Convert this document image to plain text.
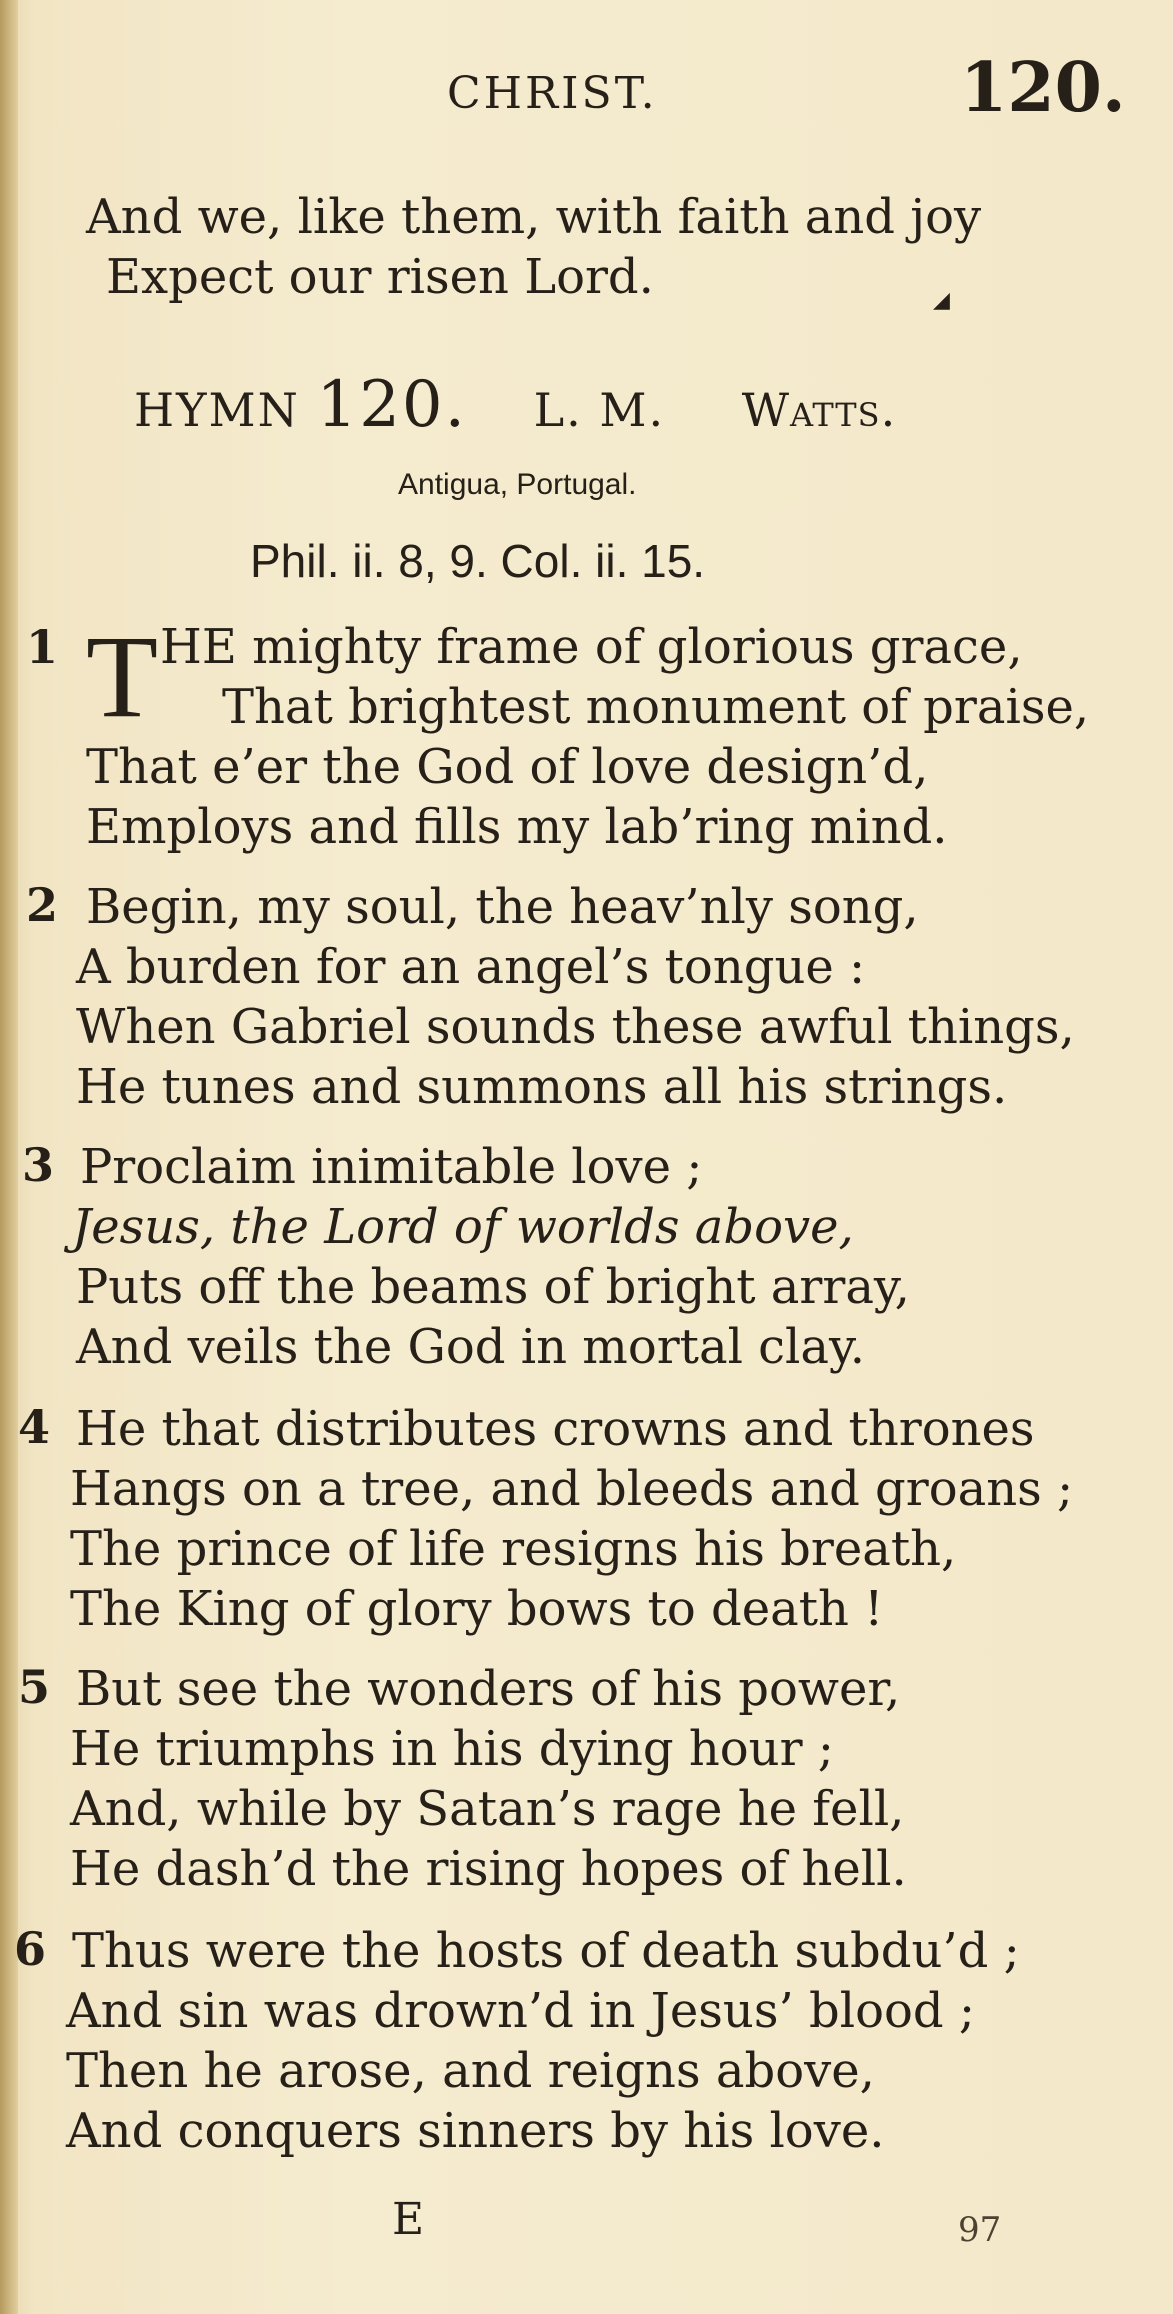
CHRIST.	120.
And we, like them, with faith and joy
Expect our risen Lord.	◢
HYMN 120. L. M. Watts.
Antigua, Portugal.
Phil. ii. 8, 9. Col. ii. 15.
1 T HE mighty frame of glorious grace,
That brightest monument of praise,
That e’er the God of love design’d,
Employs and fills my lab’ring mind.
2 Begin, my soul, the heav’nly song,
A burden for an angel’s tongue :
When Gabriel sounds these awful things,
He tunes and summons all his strings.
3 Proclaim inimitable love ;
Jesus, the Lord of worlds above,
Puts off the beams of bright array,
And veils the God in mortal clay.
4 He that distributes crowns and thrones
Hangs on a tree, and bleeds and groans ;
The prince of life resigns his breath,
The King of glory bows to death !
5 But see the wonders of his power,
He triumphs in his dying hour ;
And, while by Satan’s rage he fell,
He dash’d the rising hopes of hell.
6 Thus were the hosts of death subdu’d ;
And sin was drown’d in Jesus’ blood ;
Then he arose, and reigns above,
And conquers sinners by his love.
E	97
